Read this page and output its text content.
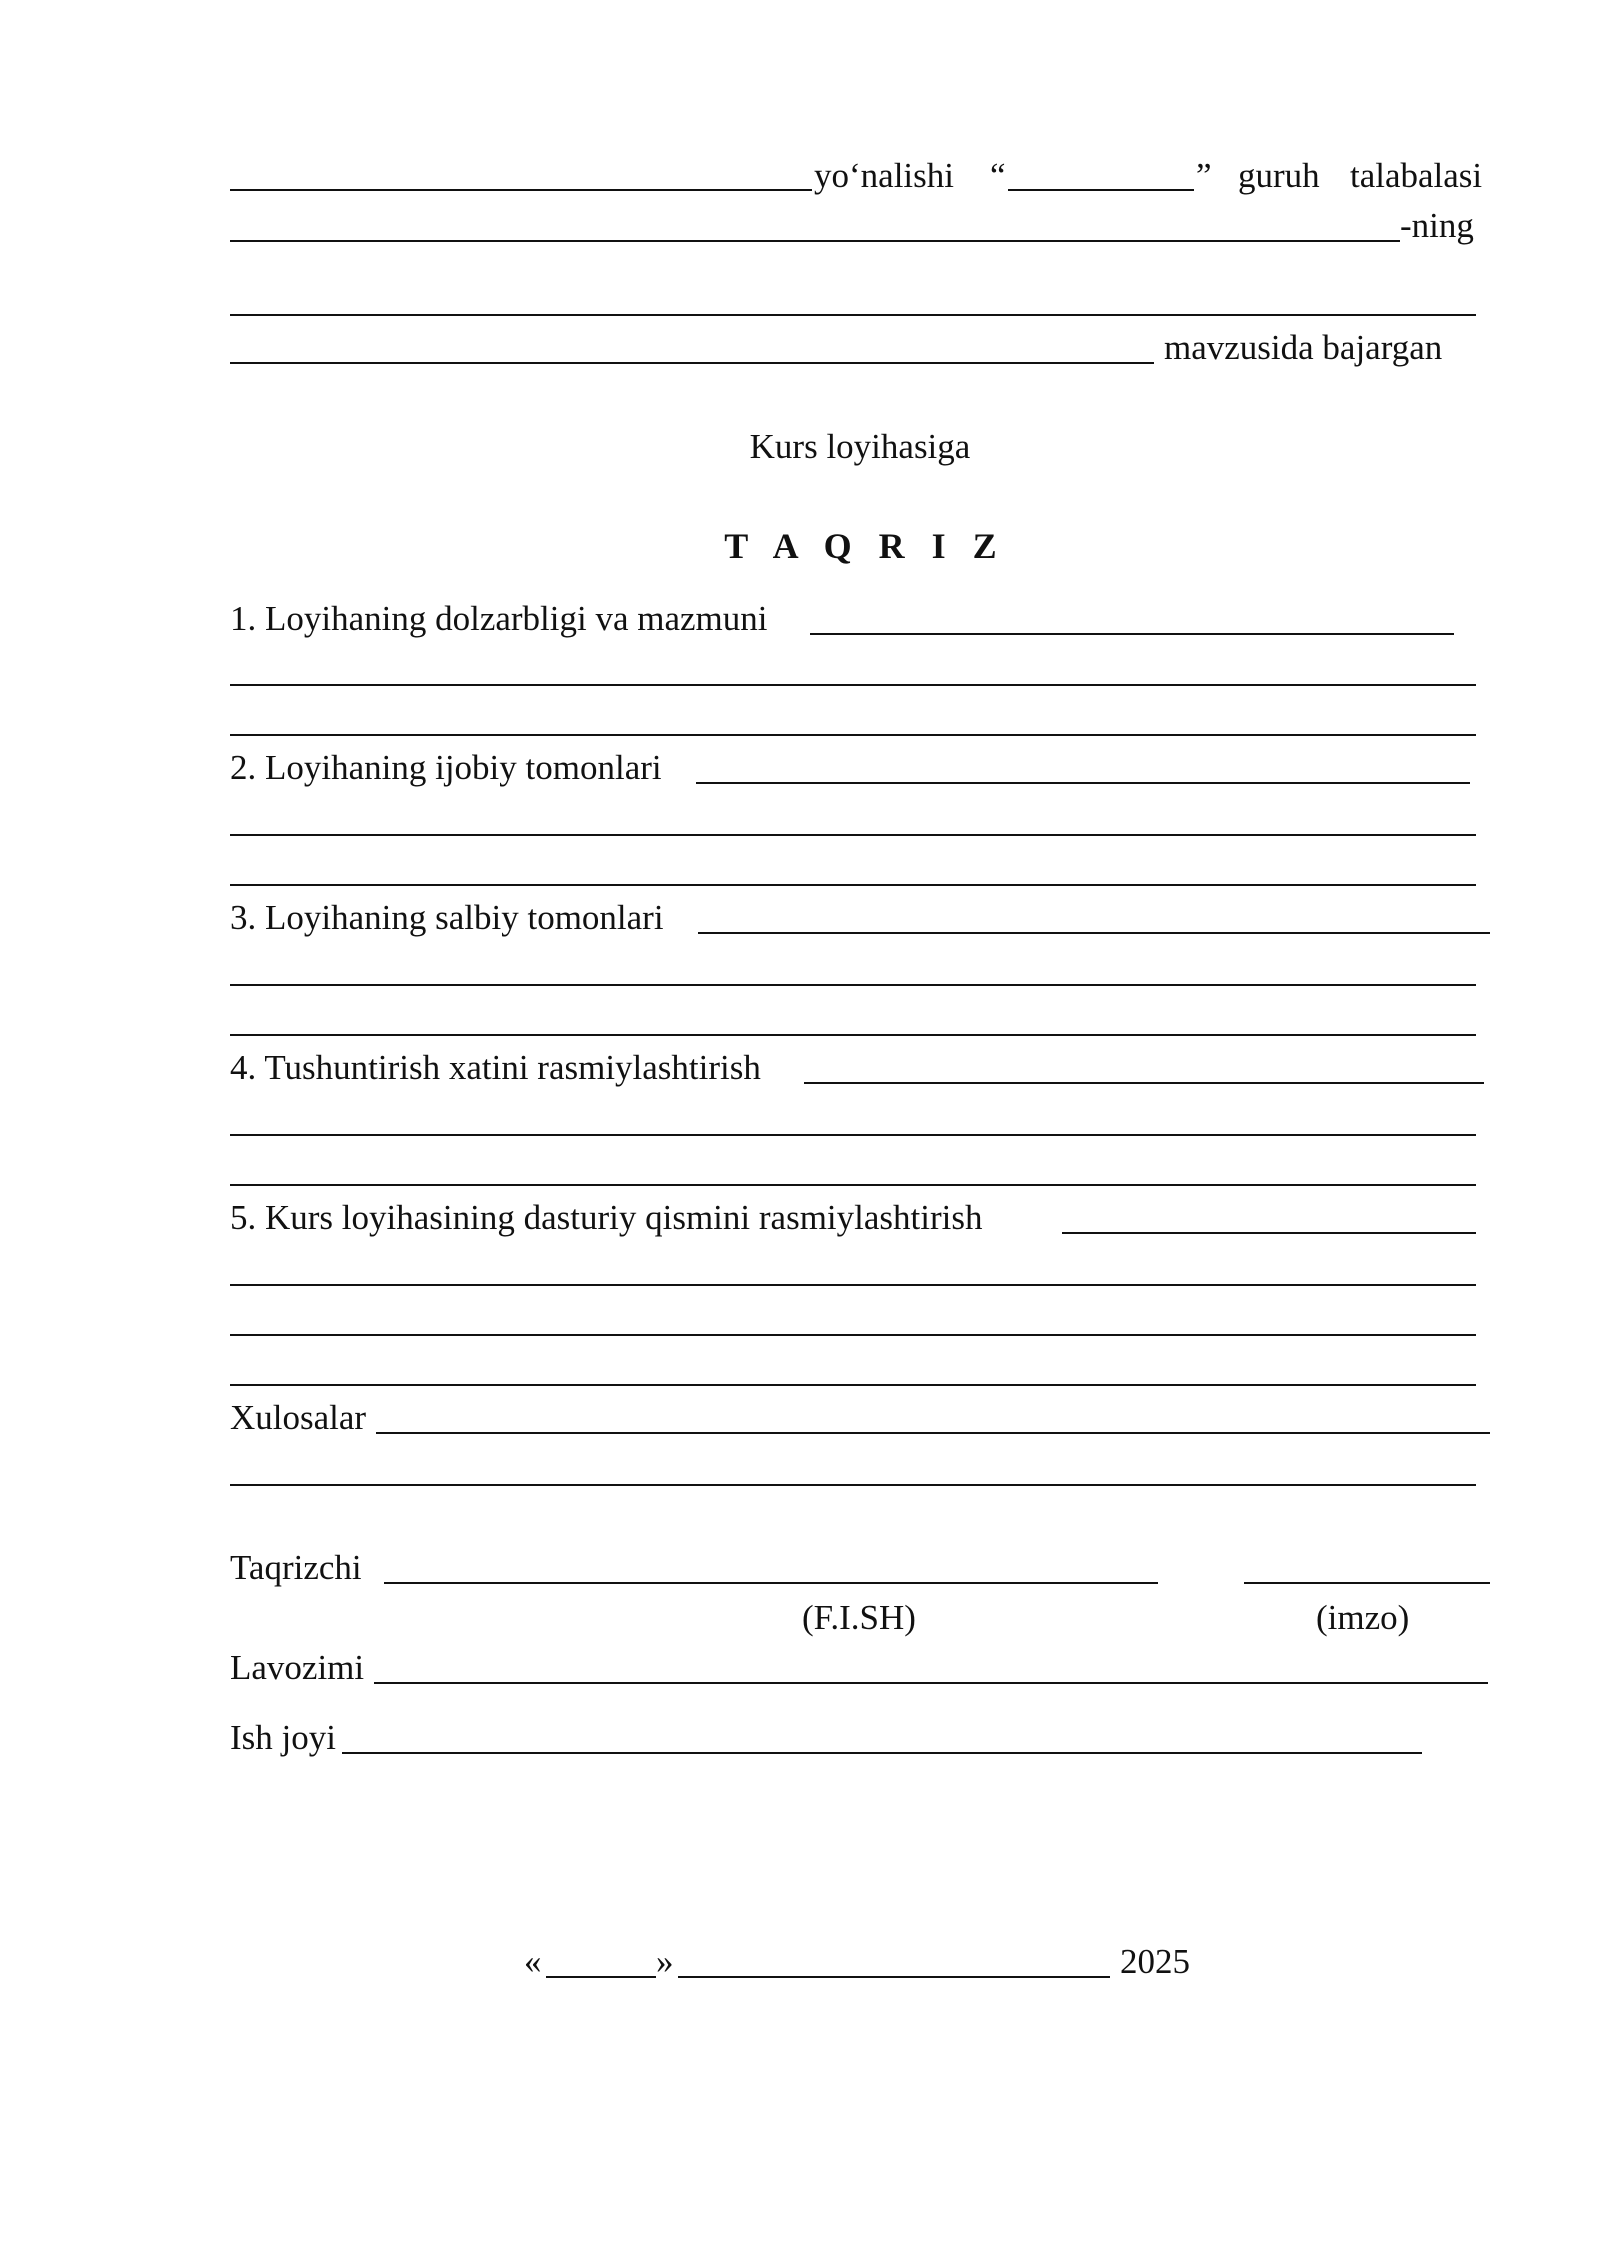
yo‘nalishi “	” guruh talabalasi
-ning
mavzusida bajargan
Kurs loyihasiga
T A Q R I Z
1. Loyihaning dolzarbligi va mazmuni
2. Loyihaning ijobiy tomonlari
3. Loyihaning salbiy tomonlari
4. Tushuntirish xatini rasmiylashtirish
5. Kurs loyihasining dasturiy qismini rasmiylashtirish
Xulosalar
Taqrizchi
(F.I.SH)	(imzo)
Lavozimi
Ish joyi
«	»	2025
